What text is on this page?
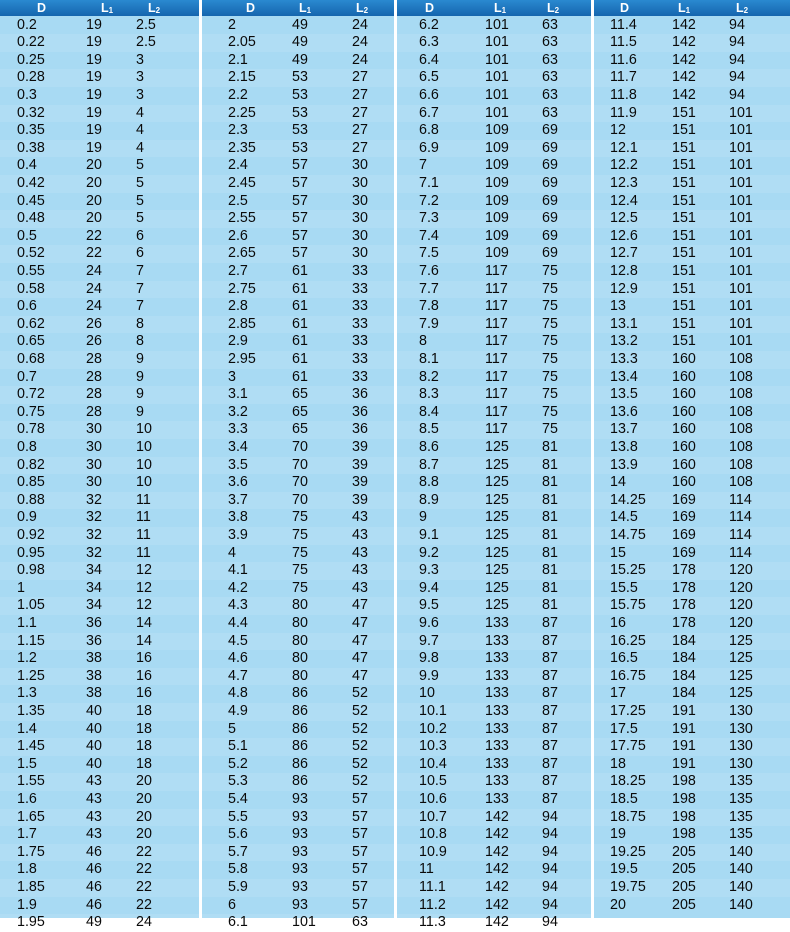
D	$L_1$	$L_2$
0.2	19 2.5
0.22	19 2.5
0.25	19 3
0.28	19 3
0.3	19 3
0.32	19 4
0.35	19 4
0.38	19 4
0.4	20 5
0.42	20 5
0.45	20 5
0.48	20 5
0.5	22 6
0.52	22 6
0.55	24 7
0.58	24 7
0.6	24 7
0.62	26 8
0.65	26 8
0.68	28 9
0.7	28 9
0.72	28 9
0.75	28 9
0.78	30 10
0.8	30 10
0.82	30 10
0.85	30 10
0.88	32 11
0.9	32 11
0.92	32 11
0.95	32 11
0.98	34 12
1	34 12
1.05	34 12
1.1	36 14
1.15	36 14
1.2	38 16
1.25	38 16
1.3	38 16
1.35	40 18
1.4	40 18
1.45	40 18
1.5	40 18
1.55	43 20
1.6	43 20
1.65	43 20
1.7	43 20
1.75	46 22
1.8	46 22
1.85	46 22
1.9	46 22
1.95	49 24
D	$L_1$	$L_2$
2	49	24
2.05	49	24
2.1	49	24
2.15	53	27
2.2	53	27
2.25	53	27
2.3	53	27
2.35	53	27
2.4	57	30
2.45	57	30
2.5	57	30
2.55	57	30
2.6	57	30
2.65	57	30
2.7	61	33
2.75	61	33
2.8	61	33
2.85	61	33
2.9	61	33
2.95	61	33
3	61	33
3.1	65	36
3.2	65	36
3.3	65	36
3.4	70	39
3.5	70	39
3.6	70	39
3.7	70	39
3.8	75	43
3.9	75	43
4	75	43
4.1	75	43
4.2	75	43
4.3	80	47
4.4	80	47
4.5	80	47
4.6	80	47
4.7	80	47
4.8	86	52
4.9	86	52
5	86	52
5.1	86	52
5.2	86	52
5.3	86	52
5.4	93	57
5.5	93	57
5.6	93	57
5.7	93	57
5.8	93	57
5.9	93	57
6	93	57
6.1	101	63
D	$L_1$	$L_2$
6.2	101 63
6.3	101 63
6.4	101 63
6.5	101 63
6.6	101 63
6.7	101 63
6.8	109 69
6.9	109 69
7	109 69
7.1	109 69
7.2	109 69
7.3	109 69
7.4	109 69
7.5	109 69
7.6	117 75
7.7	117 75
7.8	117 75
7.9	117 75
8	117 75
8.1	117 75
8.2	117 75
8.3	117 75
8.4	117 75
8.5	117 75
8.6	125 81
8.7	125 81
8.8	125 81
8.9	125 81
9	125 81
9.1	125 81
9.2	125 81
9.3	125 81
9.4	125 81
9.5	125 81
9.6	133 87
9.7	133 87
9.8	133 87
9.9	133 87
10	133 87
10.1	133 87
10.2	133 87
10.3	133 87
10.4	133 87
10.5	133 87
10.6	133 87
10.7	142 94
10.8	142 94
10.9	142 94
11	142 94
11.1	142 94
11.2	142 94
11.3	142 94
D	$L_1$	$L_2$
11.4 142 94
11.5 142 94
11.6 142 94
11.7 142 94
11.8 142 94
11.9 151 101
12	151 101
12.1 151 101
12.2 151 101
12.3 151 101
12.4 151 101
12.5 151 101
12.6 151 101
12.7 151 101
12.8 151 101
12.9 151 101
13	151 101
13.1 151 101
13.2 151 101
13.3 160 108
13.4 160 108
13.5 160 108
13.6 160 108
13.7 160 108
13.8 160 108
13.9 160 108
14	160 108
14.25 169 114
14.5 169 114
14.75 169 114
15	169 114
15.25 178 120
15.5 178 120
15.75 178 120
16	178 120
16.25 184 125
16.5 184 125
16.75 184 125
17	184 125
17.25 191 130
17.5 191 130
17.75 191 130
18	191 130
18.25 198 135
18.5 198 135
18.75 198 135
19	198 135
19.25 205 140
19.5 205 140
19.75 205 140
20	205 140
